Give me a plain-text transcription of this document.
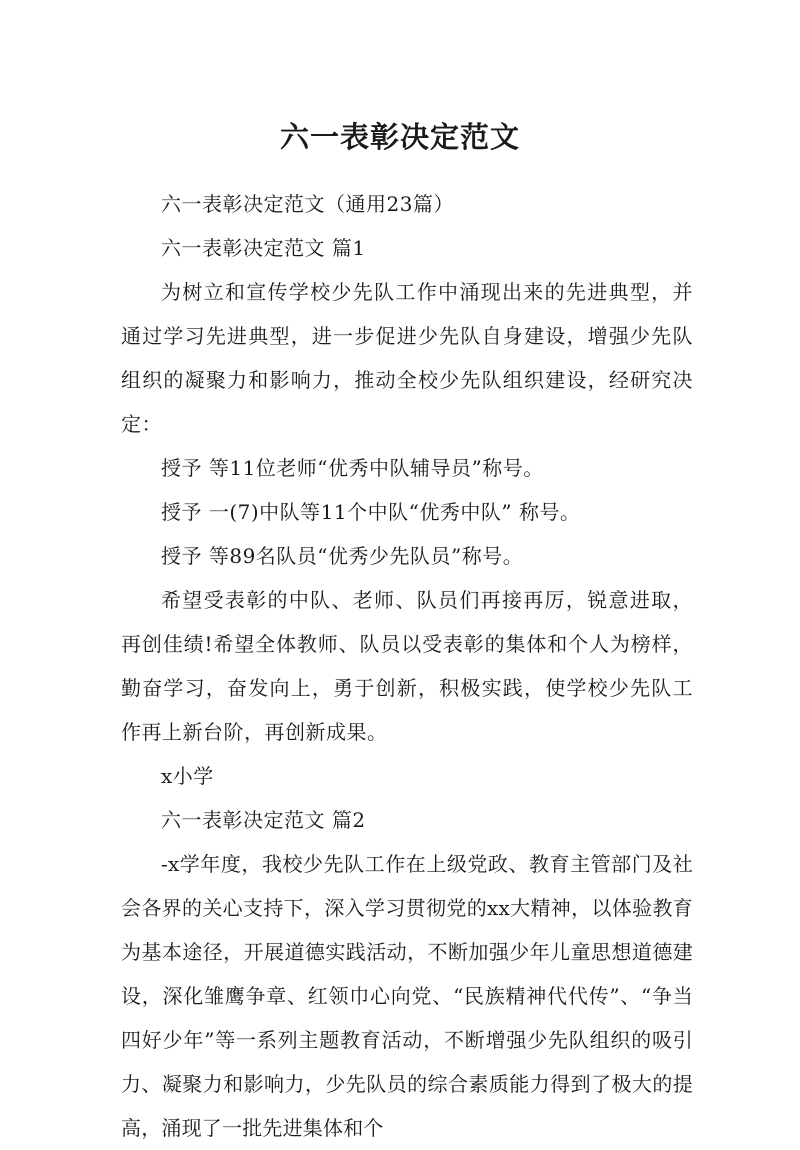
六一表彰决定范文

六一表彰决定范文（通用23篇）

六一表彰决定范文 篇1

为树立和宣传学校少先队工作中涌现出来的先进典型，并通过学习先进典型，进一步促进少先队自身建设，增强少先队组织的凝聚力和影响力，推动全校少先队组织建设，经研究决定：

授予 等11位老师“优秀中队辅导员”称号。

授予 一(7)中队等11个中队“优秀中队” 称号。

授予 等89名队员“优秀少先队员”称号。

希望受表彰的中队、老师、队员们再接再厉，锐意进取，再创佳绩!希望全体教师、队员以受表彰的集体和个人为榜样，勤奋学习，奋发向上，勇于创新，积极实践，使学校少先队工作再上新台阶，再创新成果。

x小学

六一表彰决定范文 篇2

-x学年度，我校少先队工作在上级党政、教育主管部门及社会各界的关心支持下，深入学习贯彻党的xx大精神，以体验教育为基本途径，开展道德实践活动，不断加强少年儿童思想道德建设，深化雏鹰争章、红领巾心向党、“民族精神代代传”、“争当四好少年”等一系列主题教育活动，不断增强少先队组织的吸引力、凝聚力和影响力，少先队员的综合素质能力得到了极大的提高，涌现了一批先进集体和个
